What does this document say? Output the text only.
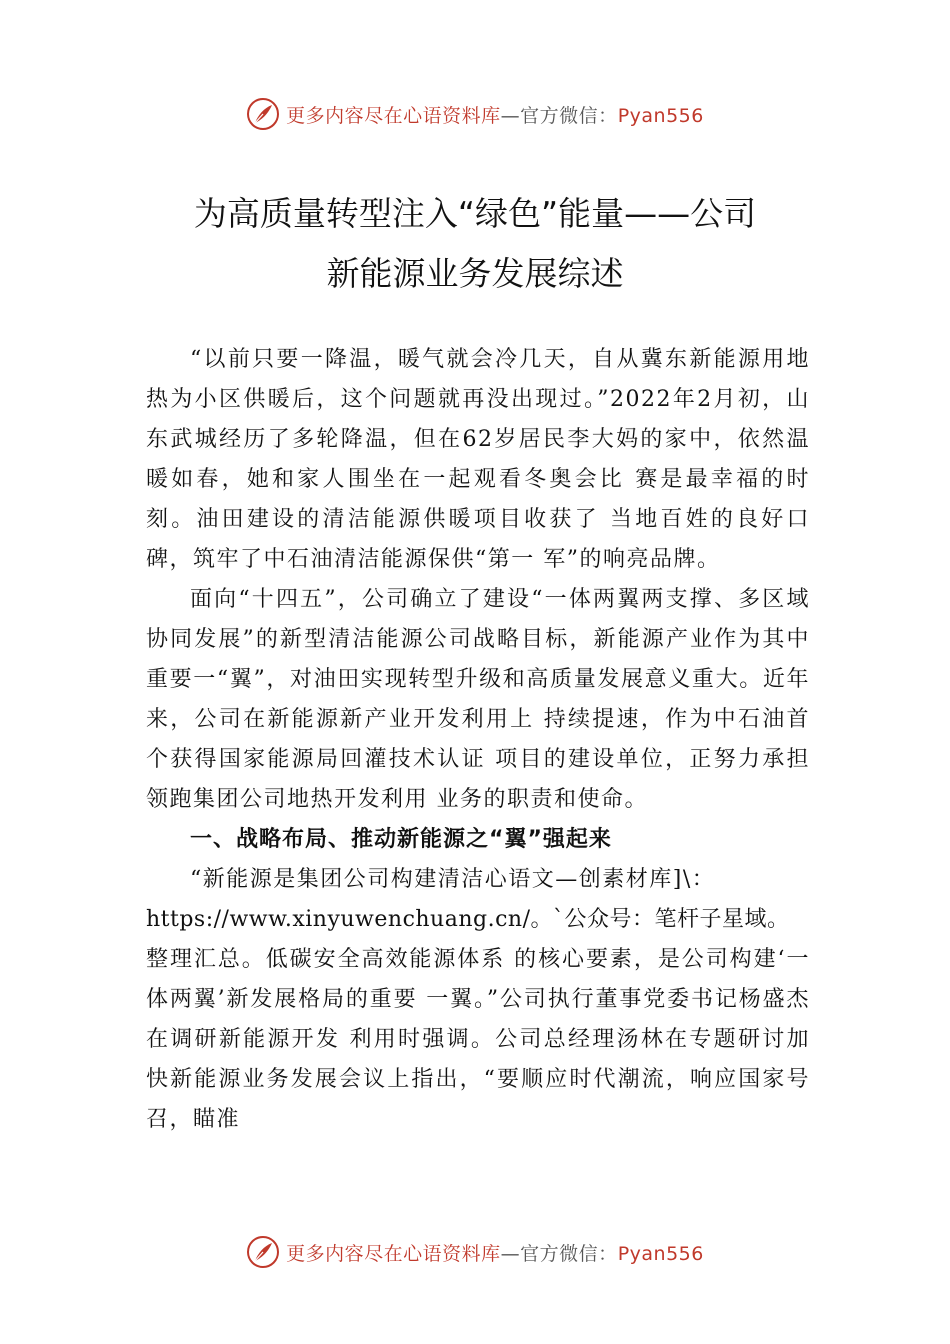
更多内容尽在心语资料库—官方微信：Pyan556
为高质量转型注入“绿色”能量——公司
新能源业务发展综述

“以前只要一降温，暖气就会冷几天，自从冀东新能源用地热为小区供暖后，这个问题就再没出现过。”2022年2月初，山东武城经历了多轮降温，但在62岁居民李大妈的家中，依然温暖如春，她和家人围坐在一起观看冬奥会比 赛是最幸福的时刻。油田建设的清洁能源供暖项目收获了 当地百姓的良好口碑，筑牢了中石油清洁能源保供“第一 军”的响亮品牌。

面向“十四五”，公司确立了建设“一体两翼两支撑、多区域协同发展”的新型清洁能源公司战略目标，新能源产业作为其中重要一“翼”，对油田实现转型升级和高质量发展意义重大。近年来，公司在新能源新产业开发利用上 持续提速，作为中石油首个获得国家能源局回灌技术认证 项目的建设单位，正努力承担领跑集团公司地热开发利用 业务的职责和使命。

一、战略布局、推动新能源之“翼”强起来

“新能源是集团公司构建清洁心语文—创素材库]\：

https://www.xinyuwenchuang.cn/。`公众号：笔杆子星域。

整理汇总。低碳安全高效能源体系 的核心要素，是公司构建‘一体两翼’新发展格局的重要 一翼。”公司执行董事党委书记杨盛杰在调研新能源开发 利用时强调。公司总经理汤林在专题研讨加快新能源业务发展会议上指出，“要顺应时代潮流，响应国家号召，瞄准

更多内容尽在心语资料库—官方微信：Pyan556
